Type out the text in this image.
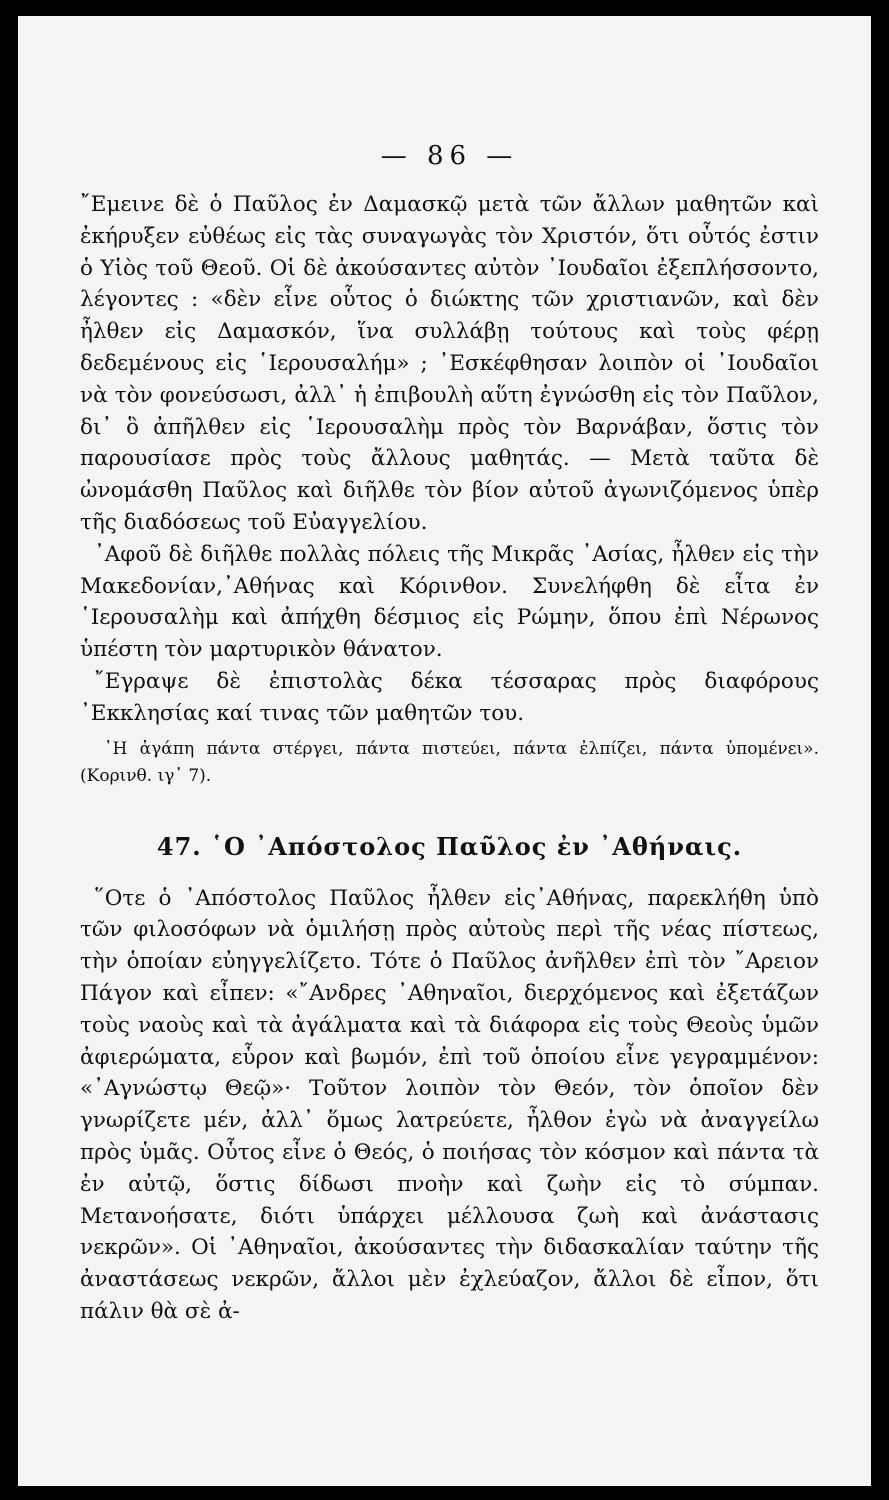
— 86 —

῎Εμεινε δὲ ὁ Παῦλος ἐν Δαμασκῷ μετὰ τῶν ἄλλων μαθητῶν καὶ ἐκήρυξεν εὐθέως εἰς τὰς συναγωγὰς τὸν Χριστόν, ὅτι οὗτός ἐστιν ὁ Υἱὸς τοῦ Θεοῦ. Οἱ δὲ ἀκούσαντες αὐτὸν ᾿Ιουδαῖοι ἐξεπλήσσοντο, λέγοντες : «δὲν εἶνε οὗτος ὁ διώκτης τῶν χριστιανῶν, καὶ δὲν ἦλθεν εἰς Δαμασκόν, ἵνα συλλάβῃ τούτους καὶ τοὺς φέρῃ δεδεμένους εἰς ῾Ιερουσαλήμ» ; ᾿Εσκέφθησαν λοιπὸν οἱ ᾿Ιουδαῖοι νὰ τὸν φονεύσωσι, ἀλλ᾿ ἡ ἐπιβουλὴ αὕτη ἐγνώσθη εἰς τὸν Παῦλον, δι᾿ ὃ ἀπῆλθεν εἰς ῾Ιερουσαλὴμ πρὸς τὸν Βαρνάβαν, ὅστις τὸν παρουσίασε πρὸς τοὺς ἄλλους μαθητάς. — Μετὰ ταῦτα δὲ ὠνομάσθη Παῦλος καὶ διῆλθε τὸν βίον αὐτοῦ ἀγωνιζόμενος ὑπὲρ τῆς διαδόσεως τοῦ Εὐαγγελίου.

᾿Αφοῦ δὲ διῆλθε πολλὰς πόλεις τῆς Μικρᾶς ᾿Ασίας, ἦλθεν εἰς τὴν Μακεδονίαν,᾿Αθήνας καὶ Κόρινθον. Συνελήφθη δὲ εἶτα ἐν ῾Ιερουσαλὴμ καὶ ἀπήχθη δέσμιος εἰς Ρώμην, ὅπου ἐπὶ Νέρωνος ὑπέστη τὸν μαρτυρικὸν θάνατον.

῎Εγραψε δὲ ἐπιστολὰς δέκα τέσσαρας πρὸς διαφόρους ᾿Εκκλησίας καί τινας τῶν μαθητῶν του.

῾Η ἀγάπη πάντα στέργει, πάντα πιστεύει, πάντα ἐλπίζει, πάντα ὑπομένει». (Κορινθ. ιγ᾿ 7).

47. ῾Ο ᾿Απόστολος Παῦλος ἐν ᾿Αθήναις.

῞Οτε ὁ ᾿Απόστολος Παῦλος ἦλθεν εἰς᾿Αθήνας, παρεκλήθη ὑπὸ τῶν φιλοσόφων νὰ ὁμιλήσῃ πρὸς αὐτοὺς περὶ τῆς νέας πίστεως, τὴν ὁποίαν εὐηγγελίζετο. Τότε ὁ Παῦλος ἀνῆλθεν ἐπὶ τὸν ῎Αρειον Πάγον καὶ εἶπεν: «῎Ανδρες ᾿Αθηναῖοι, διερχόμενος καὶ ἐξετάζων τοὺς ναοὺς καὶ τὰ ἀγάλματα καὶ τὰ διάφορα εἰς τοὺς Θεοὺς ὑμῶν ἀφιερώματα, εὗρον καὶ βωμόν, ἐπὶ τοῦ ὁποίου εἶνε γεγραμμένον: «᾿Αγνώστῳ Θεῷ»· Τοῦτον λοιπὸν τὸν Θεόν, τὸν ὁποῖον δὲν γνωρίζετε μέν, ἀλλ᾿ ὅμως λατρεύετε, ἦλθον ἐγὼ νὰ ἀναγγείλω πρὸς ὑμᾶς. Οὗτος εἶνε ὁ Θεός, ὁ ποιήσας τὸν κόσμον καὶ πάντα τὰ ἐν αὐτῷ, ὅστις δίδωσι πνοὴν καὶ ζωὴν εἰς τὸ σύμπαν. Μετανοήσατε, διότι ὑπάρχει μέλλουσα ζωὴ καὶ ἀνάστασις νεκρῶν». Οἱ ᾿Αθηναῖοι, ἀκούσαντες τὴν διδασκαλίαν ταύτην τῆς ἀναστάσεως νεκρῶν, ἄλλοι μὲν ἐχλεύαζον, ἄλλοι δὲ εἶπον, ὅτι πάλιν θὰ σὲ ἀ-
